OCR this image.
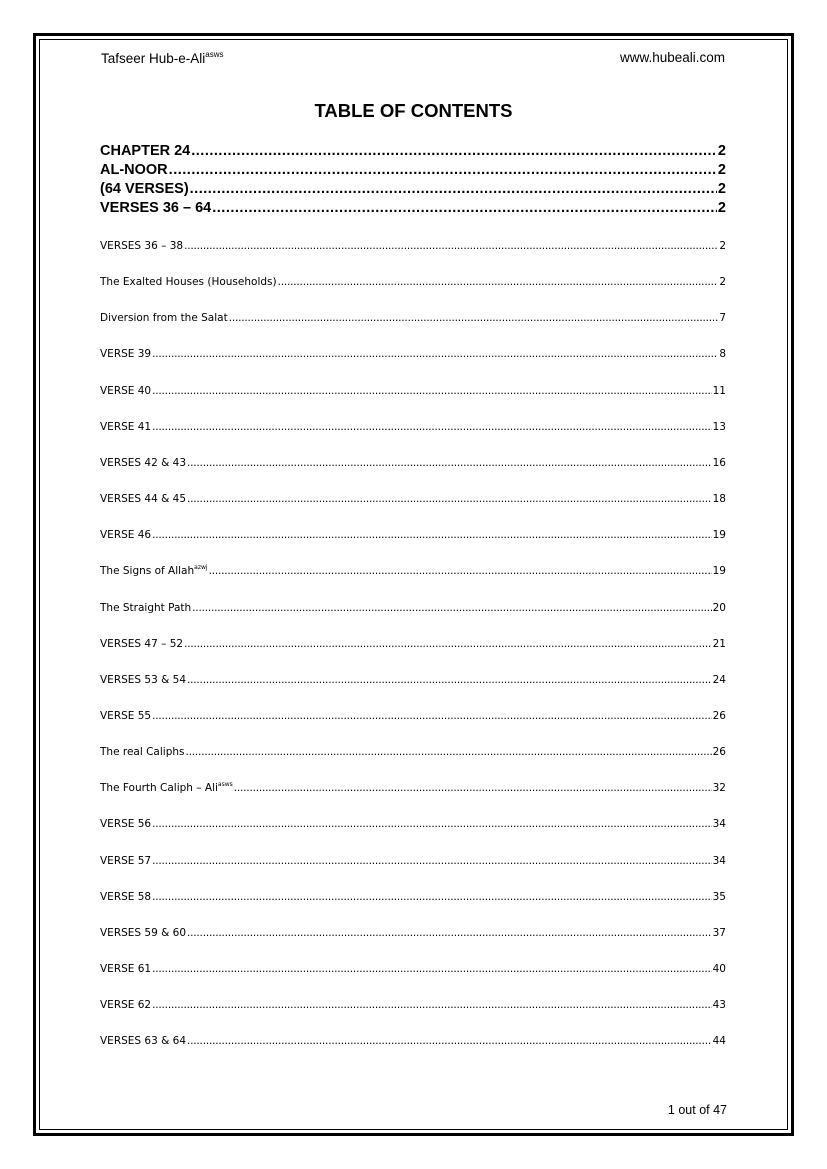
Tafseer Hub-e-Ali$^{asws}$	www.hubeali.com
TABLE OF CONTENTS
CHAPTER 24 .....	2
AL-NOOR .....	2
(64 VERSES) .....	2
VERSES 36 – 64 .....	2
VERSES 36 – 38 .....	2
The Exalted Houses (Households) .....	2
Diversion from the Salat .....	7
VERSE 39 .....	8
VERSE 40 .....	11
VERSE 41 .....	13
VERSES 42 & 43 .....	16
VERSES 44 & 45 .....	18
VERSE 46 .....	19
The Signs of Allah$^{azwj}$ .....	19
The Straight Path .....	20
VERSES 47 – 52 .....	21
VERSES 53 & 54 .....	24
VERSE 55 .....	26
The real Caliphs .....	26
The Fourth Caliph – Ali$^{asws}$ .....	32
VERSE 56 .....	34
VERSE 57 .....	34
VERSE 58 .....	35
VERSES 59 & 60 .....	37
VERSE 61 .....	40
VERSE 62 .....	43
VERSES 63 & 64 .....	44
1 out of 47
